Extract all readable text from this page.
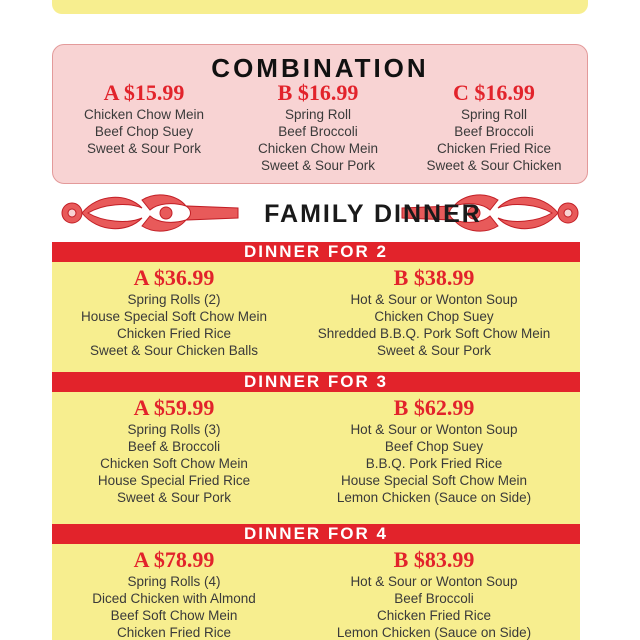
COMBINATION
A $15.99
Chicken Chow Mein
Beef Chop Suey
Sweet & Sour Pork
B $16.99
Spring Roll
Beef Broccoli
Chicken Chow Mein
Sweet & Sour Pork
C $16.99
Spring Roll
Beef Broccoli
Chicken Fried Rice
Sweet & Sour Chicken
FAMILY DINNER
DINNER FOR 2
A $36.99
Spring Rolls (2)
House Special Soft Chow Mein
Chicken Fried Rice
Sweet & Sour Chicken Balls
B $38.99
Hot & Sour or Wonton Soup
Chicken Chop Suey
Shredded B.B.Q. Pork Soft Chow Mein
Sweet & Sour Pork
DINNER FOR 3
A $59.99
Spring Rolls (3)
Beef & Broccoli
Chicken Soft Chow Mein
House Special Fried Rice
Sweet & Sour Pork
B $62.99
Hot & Sour or Wonton Soup
Beef Chop Suey
B.B.Q. Pork Fried Rice
House Special Soft Chow Mein
Lemon Chicken (Sauce on Side)
DINNER FOR 4
A $78.99
Spring Rolls (4)
Diced Chicken with Almond
Beef Soft Chow Mein
Chicken Fried Rice
B $83.99
Hot & Sour or Wonton Soup
Beef Broccoli
Chicken Fried Rice
Lemon Chicken (Sauce on Side)
